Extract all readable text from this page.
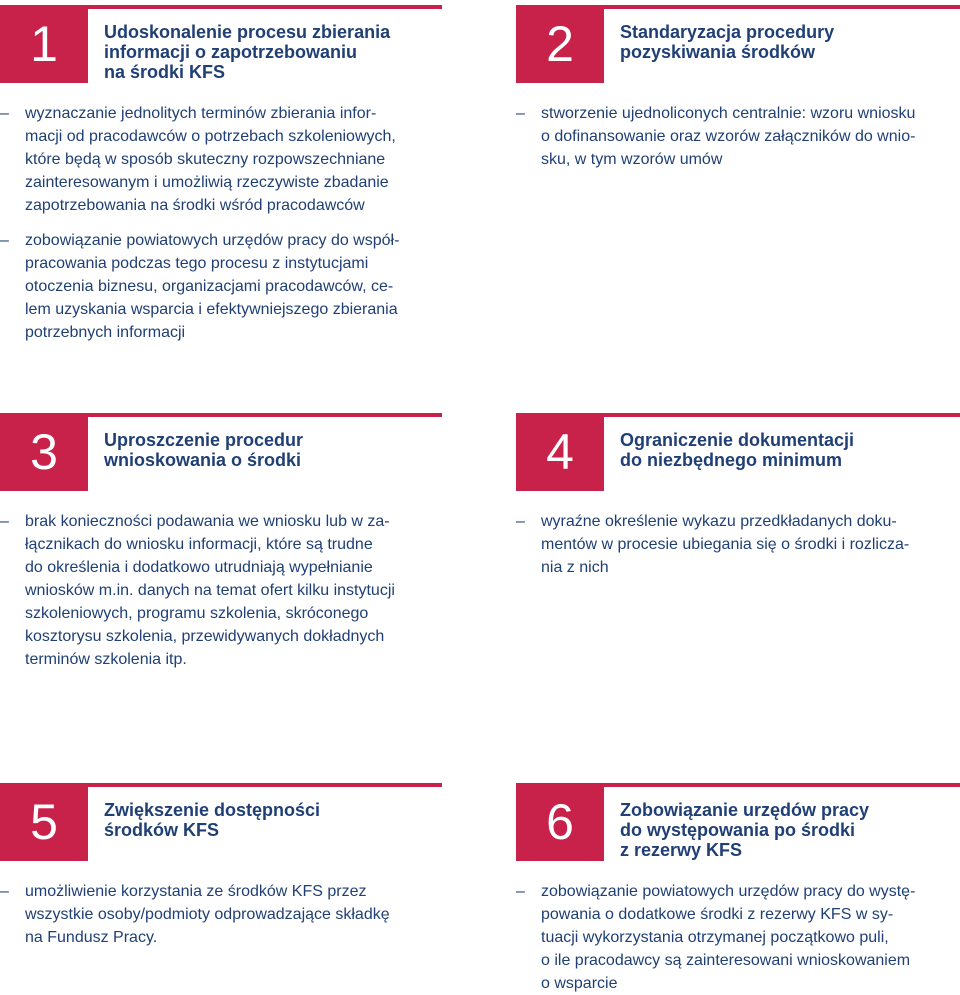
1	Udoskonalenie procesu zbierania
informacji o zapotrzebowaniu
na środki KFS
– wyznaczanie jednolitych terminów zbierania infor-
macji od pracodawców o potrzebach szkoleniowych,
które będą w sposób skuteczny rozpowszechniane
zainteresowanym i umożliwią rzeczywiste zbadanie
zapotrzebowania na środki wśród pracodawców
– zobowiązanie powiatowych urzędów pracy do współ-
pracowania podczas tego procesu z instytucjami
otoczenia biznesu, organizacjami pracodawców, ce-
lem uzyskania wsparcia i efektywniejszego zbierania
potrzebnych informacji
2	Standaryzacja procedury
pozyskiwania środków
– stworzenie ujednoliconych centralnie: wzoru wniosku
o dofinansowanie oraz wzorów załączników do wnio-
sku, w tym wzorów umów
3	Uproszczenie procedur
wnioskowania o środki
– brak konieczności podawania we wniosku lub w za-
łącznikach do wniosku informacji, które są trudne
do określenia i dodatkowo utrudniają wypełnianie
wniosków m.in. danych na temat ofert kilku instytucji
szkoleniowych, programu szkolenia, skróconego
kosztorysu szkolenia, przewidywanych dokładnych
terminów szkolenia itp.
4	Ograniczenie dokumentacji
do niezbędnego minimum
– wyraźne określenie wykazu przedkładanych doku-
mentów w procesie ubiegania się o środki i rozlicza-
nia z nich
5	Zwiększenie dostępności
środków KFS
– umożliwienie korzystania ze środków KFS przez
wszystkie osoby/podmioty odprowadzające składkę
na Fundusz Pracy.
6	Zobowiązanie urzędów pracy
do występowania po środki
z rezerwy KFS
– zobowiązanie powiatowych urzędów pracy do wystę-
powania o dodatkowe środki z rezerwy KFS w sy-
tuacji wykorzystania otrzymanej początkowo puli,
o ile pracodawcy są zainteresowani wnioskowaniem
o wsparcie
